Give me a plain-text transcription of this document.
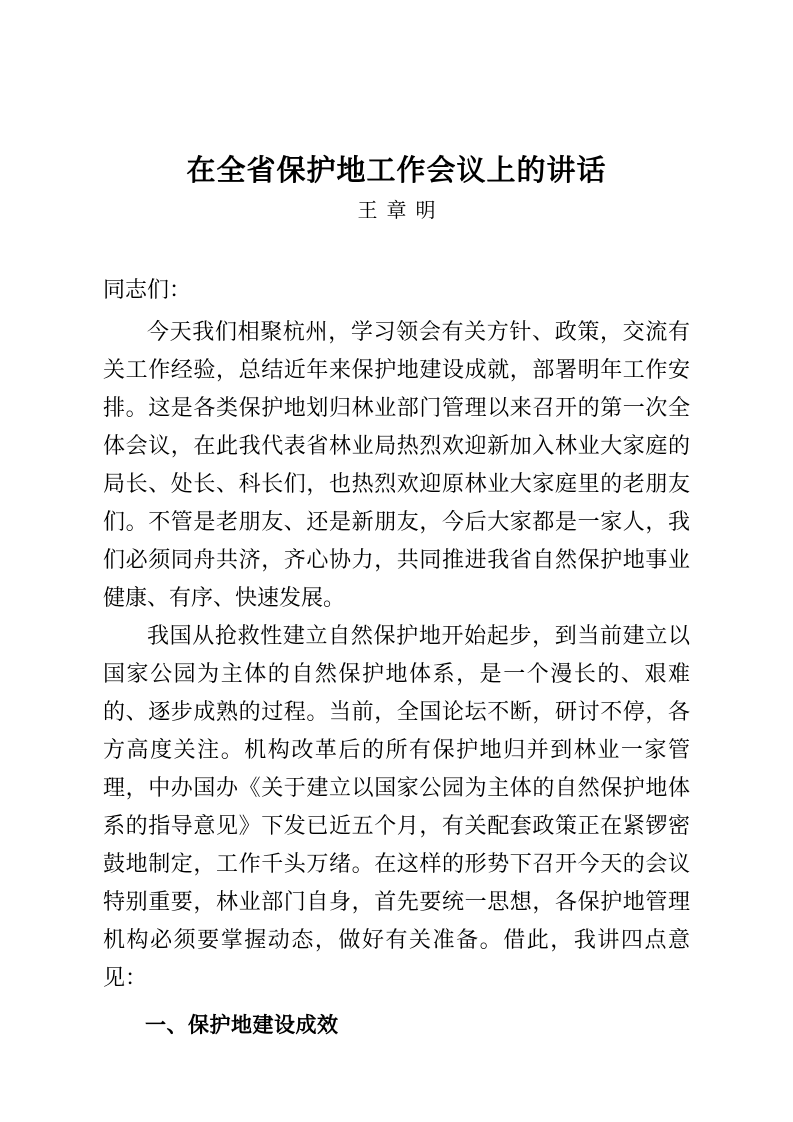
在全省保护地工作会议上的讲话
王章明

同志们：

今天我们相聚杭州，学习领会有关方针、政策，交流有关工作经验，总结近年来保护地建设成就，部署明年工作安排。这是各类保护地划归林业部门管理以来召开的第一次全体会议，在此我代表省林业局热烈欢迎新加入林业大家庭的局长、处长、科长们，也热烈欢迎原林业大家庭里的老朋友们。不管是老朋友、还是新朋友，今后大家都是一家人，我们必须同舟共济，齐心协力，共同推进我省自然保护地事业健康、有序、快速发展。

我国从抢救性建立自然保护地开始起步，到当前建立以国家公园为主体的自然保护地体系，是一个漫长的、艰难的、逐步成熟的过程。当前，全国论坛不断，研讨不停，各方高度关注。机构改革后的所有保护地归并到林业一家管理，中办国办《关于建立以国家公园为主体的自然保护地体系的指导意见》下发已近五个月，有关配套政策正在紧锣密鼓地制定，工作千头万绪。在这样的形势下召开今天的会议特别重要，林业部门自身，首先要统一思想，各保护地管理机构必须要掌握动态，做好有关准备。借此，我讲四点意见：

一、保护地建设成效
